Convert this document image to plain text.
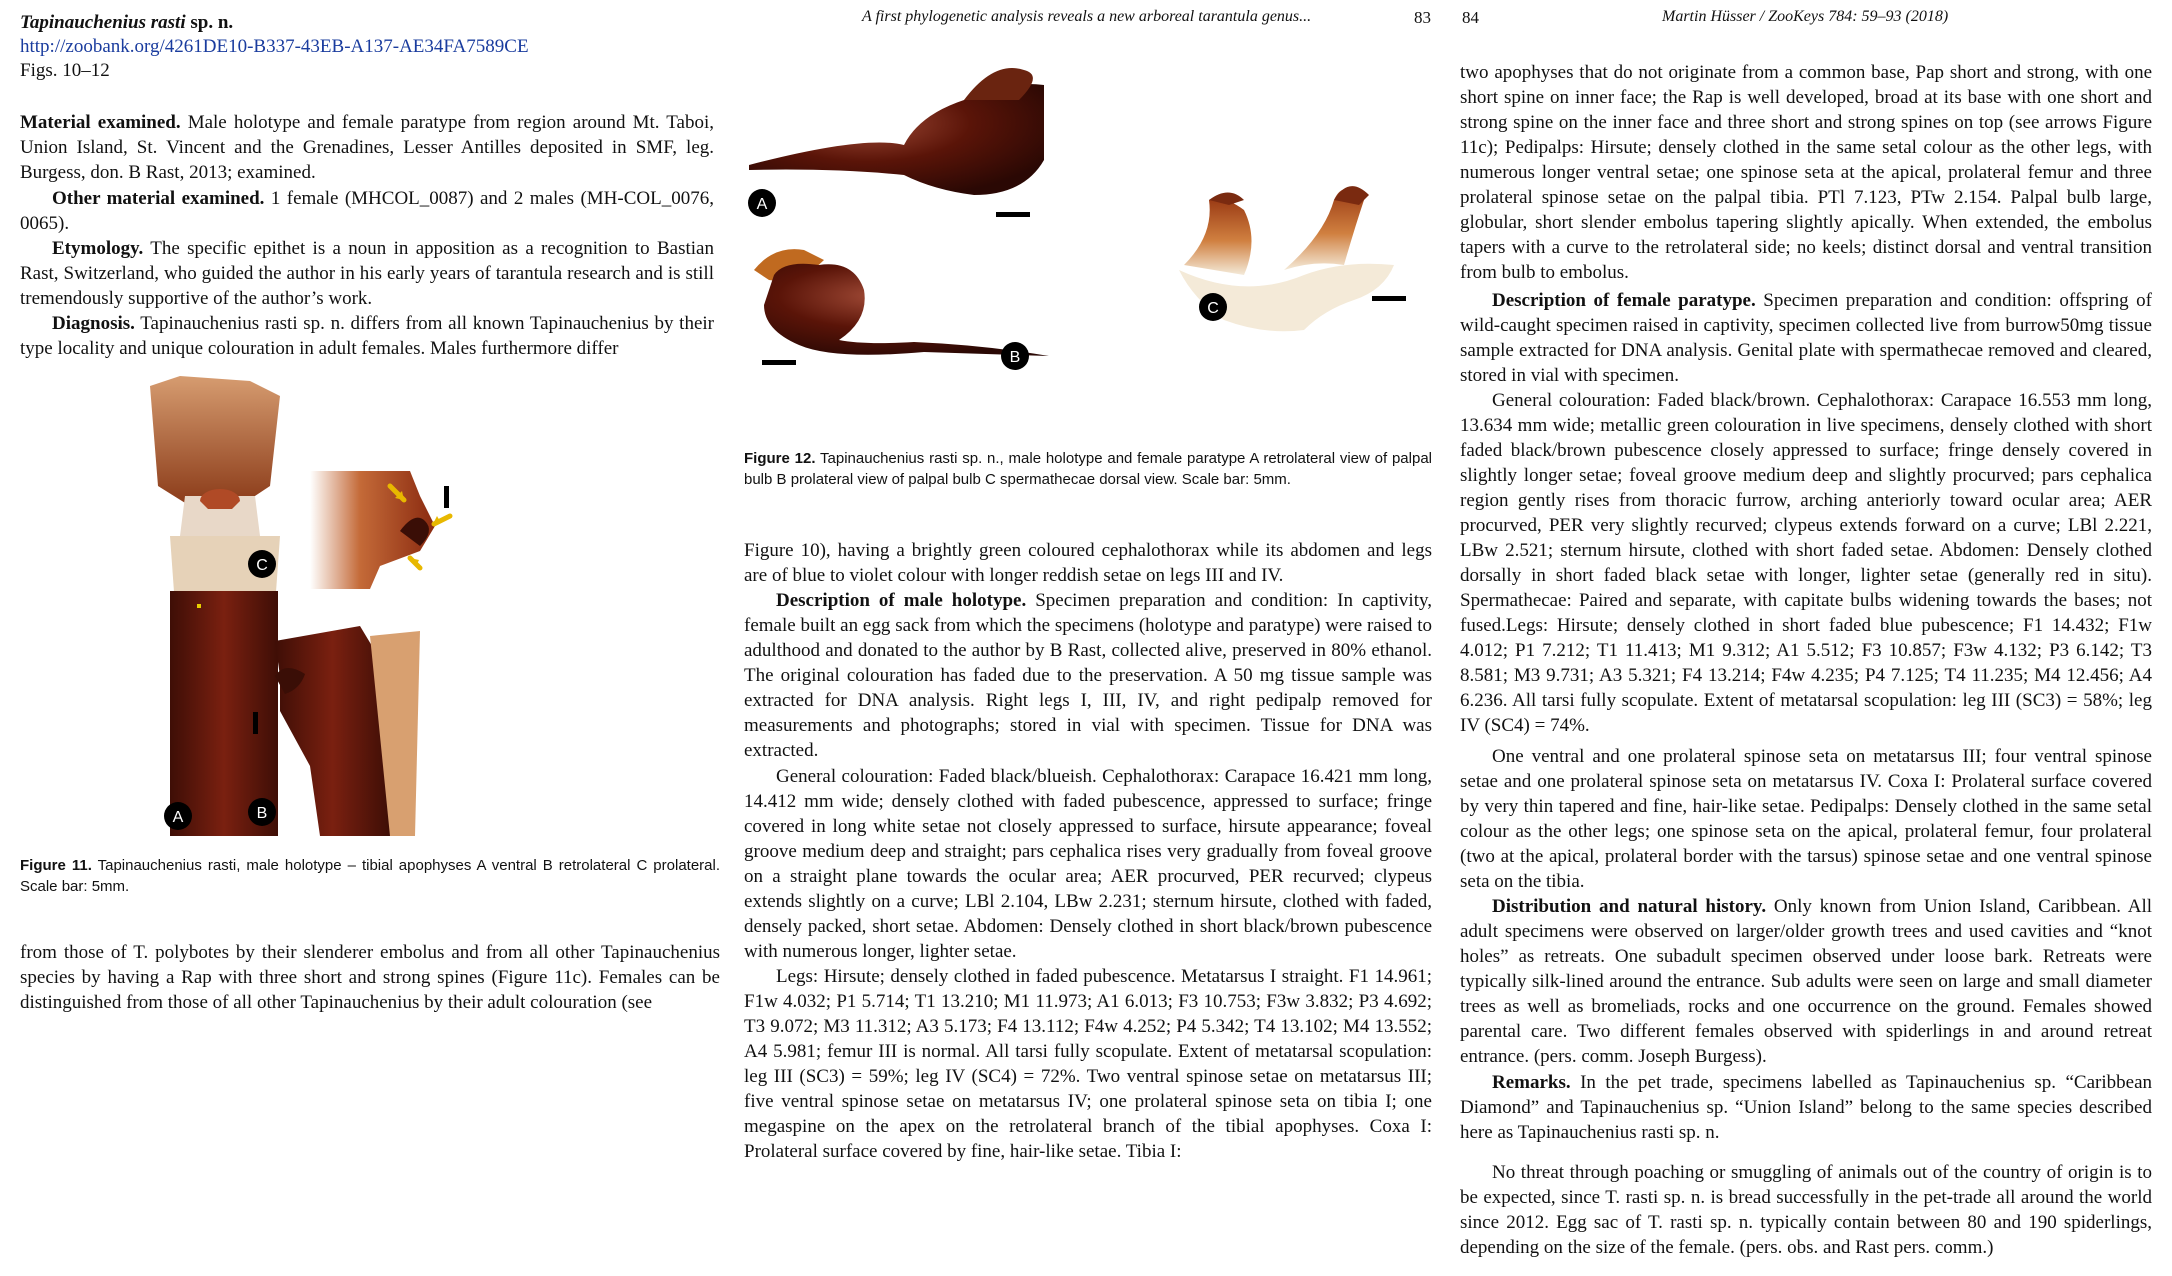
A first phylogenetic analysis reveals a new arboreal tarantula genus...	83 84	Martin Hüsser / ZooKeys 784: 59–93 (2018)
Tapinauchenius rasti sp. n.
http://zoobank.org/4261DE10-B337-43EB-A137-AE34FA7589CE
Figs. 10–12

Material examined. Male holotype and female paratype from region around Mt. Taboi, Union Island, St. Vincent and the Grenadines, Lesser Antilles deposited in SMF, leg. Burgess, don. B Rast, 2013; examined.

Other material examined. 1 female (MHCOL_0087) and 2 males (MH-COL_0076, 0065).

Etymology. The specific epithet is a noun in apposition as a recognition to Bastian Rast, Switzerland, who guided the author in his early years of tarantula research and is still tremendously supportive of the author’s work.

Diagnosis. Tapinauchenius rasti sp. n. differs from all known Tapinauchenius by their type locality and unique colouration in adult females. Males furthermore differ

A
C
B
Figure 11. Tapinauchenius rasti, male holotype – tibial apophyses A ventral B retrolateral C prolateral. Scale bar: 5mm.

from those of T. polybotes by their slenderer embolus and from all other Tapinauchenius species by having a Rap with three short and strong spines (Figure 11c). Females can be distinguished from those of all other Tapinauchenius by their adult colouration (see

A
B
C
Figure 12. Tapinauchenius rasti sp. n., male holotype and female paratype A retrolateral view of palpal bulb B prolateral view of palpal bulb C spermathecae dorsal view. Scale bar: 5mm.

Figure 10), having a brightly green coloured cephalothorax while its abdomen and legs are of blue to violet colour with longer reddish setae on legs III and IV.

Description of male holotype. Specimen preparation and condition: In captivity, female built an egg sack from which the specimens (holotype and paratype) were raised to adulthood and donated to the author by B Rast, collected alive, preserved in 80% ethanol. The original colouration has faded due to the preservation. A 50 mg tissue sample was extracted for DNA analysis. Right legs I, III, IV, and right pedipalp removed for measurements and photographs; stored in vial with specimen. Tissue for DNA was extracted.

General colouration: Faded black/blueish. Cephalothorax: Carapace 16.421 mm long, 14.412 mm wide; densely clothed with faded pubescence, appressed to surface; fringe covered in long white setae not closely appressed to surface, hirsute appearance; foveal groove medium deep and straight; pars cephalica rises very gradually from foveal groove on a straight plane towards the ocular area; AER procurved, PER recurved; clypeus extends slightly on a curve; LBl 2.104, LBw 2.231; sternum hirsute, clothed with faded, densely packed, short setae. Abdomen: Densely clothed in short black/brown pubescence with numerous longer, lighter setae.

Legs: Hirsute; densely clothed in faded pubescence. Metatarsus I straight. F1 14.961; F1w 4.032; P1 5.714; T1 13.210; M1 11.973; A1 6.013; F3 10.753; F3w 3.832; P3 4.692; T3 9.072; M3 11.312; A3 5.173; F4 13.112; F4w 4.252; P4 5.342; T4 13.102; M4 13.552; A4 5.981; femur III is normal. All tarsi fully scopulate. Extent of metatarsal scopulation: leg III (SC3) = 59%; leg IV (SC4) = 72%. Two ventral spinose setae on metatarsus III; five ventral spinose setae on metatarsus IV; one prolateral spinose seta on tibia I; one megaspine on the apex on the retrolateral branch of the tibial apophyses. Coxa I: Prolateral surface covered by fine, hair-like setae. Tibia I:

two apophyses that do not originate from a common base, Pap short and strong, with one short spine on inner face; the Rap is well developed, broad at its base with one short and strong spine on the inner face and three short and strong spines on top (see arrows Figure 11c); Pedipalps: Hirsute; densely clothed in the same setal colour as the other legs, with numerous longer ventral setae; one spinose seta at the apical, prolateral femur and three prolateral spinose setae on the palpal tibia. PTl 7.123, PTw 2.154. Palpal bulb large, globular, short slender embolus tapering slightly apically. When extended, the embolus tapers with a curve to the retrolateral side; no keels; distinct dorsal and ventral transition from bulb to embolus.

Description of female paratype. Specimen preparation and condition: offspring of wild-caught specimen raised in captivity, specimen collected live from burrow50mg tissue sample extracted for DNA analysis. Genital plate with spermathecae removed and cleared, stored in vial with specimen.

General colouration: Faded black/brown. Cephalothorax: Carapace 16.553 mm long, 13.634 mm wide; metallic green colouration in live specimens, densely clothed with short faded black/brown pubescence closely appressed to surface; fringe densely covered in slightly longer setae; foveal groove medium deep and slightly procurved; pars cephalica region gently rises from thoracic furrow, arching anteriorly toward ocular area; AER procurved, PER very slightly recurved; clypeus extends forward on a curve; LBl 2.221, LBw 2.521; sternum hirsute, clothed with short faded setae. Abdomen: Densely clothed dorsally in short faded black setae with longer, lighter setae (generally red in situ). Spermathecae: Paired and separate, with capitate bulbs widening towards the bases; not fused.Legs: Hirsute; densely clothed in short faded blue pubescence; F1 14.432; F1w 4.012; P1 7.212; T1 11.413; M1 9.312; A1 5.512; F3 10.857; F3w 4.132; P3 6.142; T3 8.581; M3 9.731; A3 5.321; F4 13.214; F4w 4.235; P4 7.125; T4 11.235; M4 12.456; A4 6.236. All tarsi fully scopulate. Extent of metatarsal scopulation: leg III (SC3) = 58%; leg IV (SC4) = 74%.

One ventral and one prolateral spinose seta on metatarsus III; four ventral spinose setae and one prolateral spinose seta on metatarsus IV. Coxa I: Prolateral surface covered by very thin tapered and fine, hair-like setae. Pedipalps: Densely clothed in the same setal colour as the other legs; one spinose seta on the apical, prolateral femur, four prolateral (two at the apical, prolateral border with the tarsus) spinose setae and one ventral spinose seta on the tibia.

Distribution and natural history. Only known from Union Island, Caribbean. All adult specimens were observed on larger/older growth trees and used cavities and “knot holes” as retreats. One subadult specimen observed under loose bark. Retreats were typically silk-lined around the entrance. Sub adults were seen on large and small diameter trees as well as bromeliads, rocks and one occurrence on the ground. Females showed parental care. Two different females observed with spiderlings in and around retreat entrance. (pers. comm. Joseph Burgess).

Remarks. In the pet trade, specimens labelled as Tapinauchenius sp. “Caribbean Diamond” and Tapinauchenius sp. “Union Island” belong to the same species described here as Tapinauchenius rasti sp. n.

No threat through poaching or smuggling of animals out of the country of origin is to be expected, since T. rasti sp. n. is bread successfully in the pet-trade all around the world since 2012. Egg sac of T. rasti sp. n. typically contain between 80 and 190 spiderlings, depending on the size of the female. (pers. obs. and Rast pers. comm.)
